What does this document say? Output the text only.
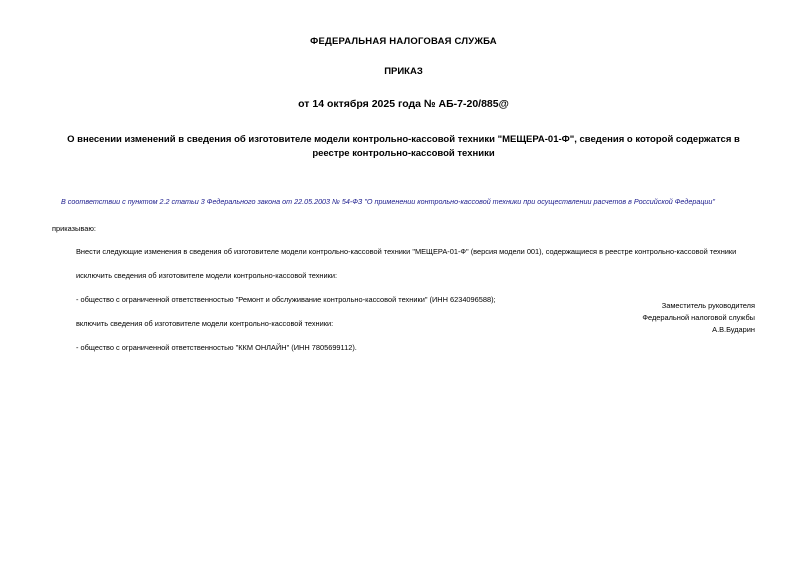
ФЕДЕРАЛЬНАЯ НАЛОГОВАЯ СЛУЖБА
ПРИКАЗ
от 14 октября 2025 года № АБ-7-20/885@
О внесении изменений в сведения об изготовителе модели контрольно-кассовой техники "МЕЩЕРА-01-Ф", сведения о которой содержатся в реестре контрольно-кассовой техники
В соответствии с пунктом 2.2 статьи 3 Федерального закона от 22.05.2003 № 54-ФЗ "О применении контрольно-кассовой техники при осуществлении расчетов в Российской Федерации"
приказываю:
Внести следующие изменения в сведения об изготовителе модели контрольно-кассовой техники "МЕЩЕРА-01-Ф" (версия модели 001), содержащиеся в реестре контрольно-кассовой техники
исключить сведения об изготовителе модели контрольно-кассовой техники:
- общество с ограниченной ответственностью "Ремонт и обслуживание контрольно-кассовой техники" (ИНН 6234096588);
включить сведения об изготовителе модели контрольно-кассовой техники:
- общество с ограниченной ответственностью "ККМ ОНЛАЙН" (ИНН 7805699112).
Заместитель руководителя
Федеральной налоговой службы
А.В.Бударин
